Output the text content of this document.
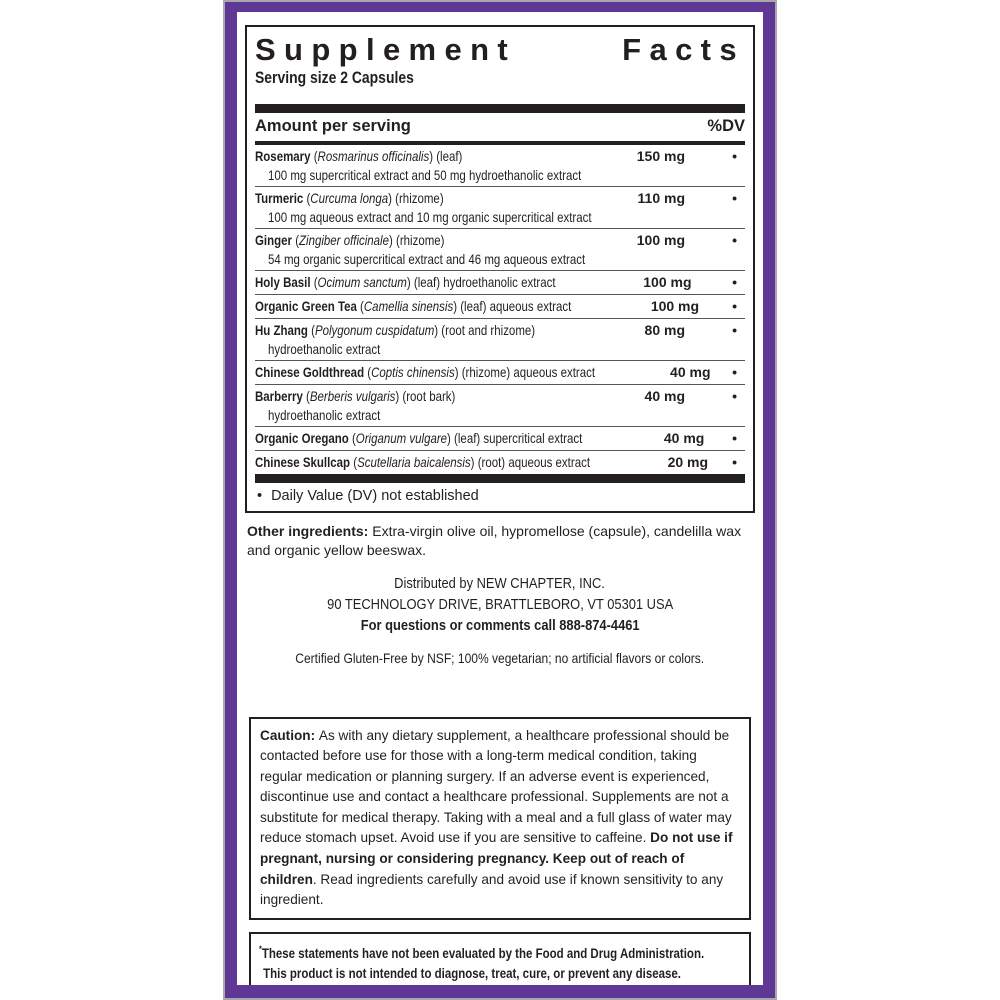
Supplement	Facts
Serving size 2 Capsules
Amount per serving	%DV
Rosemary (Rosmarinus officinalis) (leaf)	150 mg	•
100 mg supercritical extract and 50 mg hydroethanolic extract
Turmeric (Curcuma longa) (rhizome)	110 mg	•
100 mg aqueous extract and 10 mg organic supercritical extract
Ginger (Zingiber officinale) (rhizome)	100 mg	•
54 mg organic supercritical extract and 46 mg aqueous extract
Holy Basil (Ocimum sanctum) (leaf) hydroethanolic extract	100 mg	•
Organic Green Tea (Camellia sinensis) (leaf) aqueous extract	100 mg	•
Hu Zhang (Polygonum cuspidatum) (root and rhizome)	80 mg	•
hydroethanolic extract
Chinese Goldthread (Coptis chinensis) (rhizome) aqueous extract	40 mg	•
Barberry (Berberis vulgaris) (root bark)	40 mg	•
hydroethanolic extract
Organic Oregano (Origanum vulgare) (leaf) supercritical extract	40 mg	•
Chinese Skullcap (Scutellaria baicalensis) (root) aqueous extract	20 mg	•
• Daily Value (DV) not established
Other ingredients: Extra-virgin olive oil, hypromellose (capsule), candelilla wax and organic yellow beeswax.
Distributed by NEW CHAPTER, INC.
90 TECHNOLOGY DRIVE, BRATTLEBORO, VT 05301 USA
For questions or comments call 888-874-4461
Certified Gluten-Free by NSF; 100% vegetarian; no artificial flavors or colors.
Caution: As with any dietary supplement, a healthcare professional should be contacted before use for those with a long-term medical condition, taking regular medication or planning surgery. If an adverse event is experienced, discontinue use and contact a healthcare professional. Supplements are not a substitute for medical therapy. Taking with a meal and a full glass of water may reduce stomach upset. Avoid use if you are sensitive to caffeine. Do not use if pregnant, nursing or considering pregnancy. Keep out of reach of children. Read ingredients carefully and avoid use if known sensitivity to any ingredient.
*These statements have not been evaluated by the Food and Drug Administration.
This product is not intended to diagnose, treat, cure, or prevent any disease.
